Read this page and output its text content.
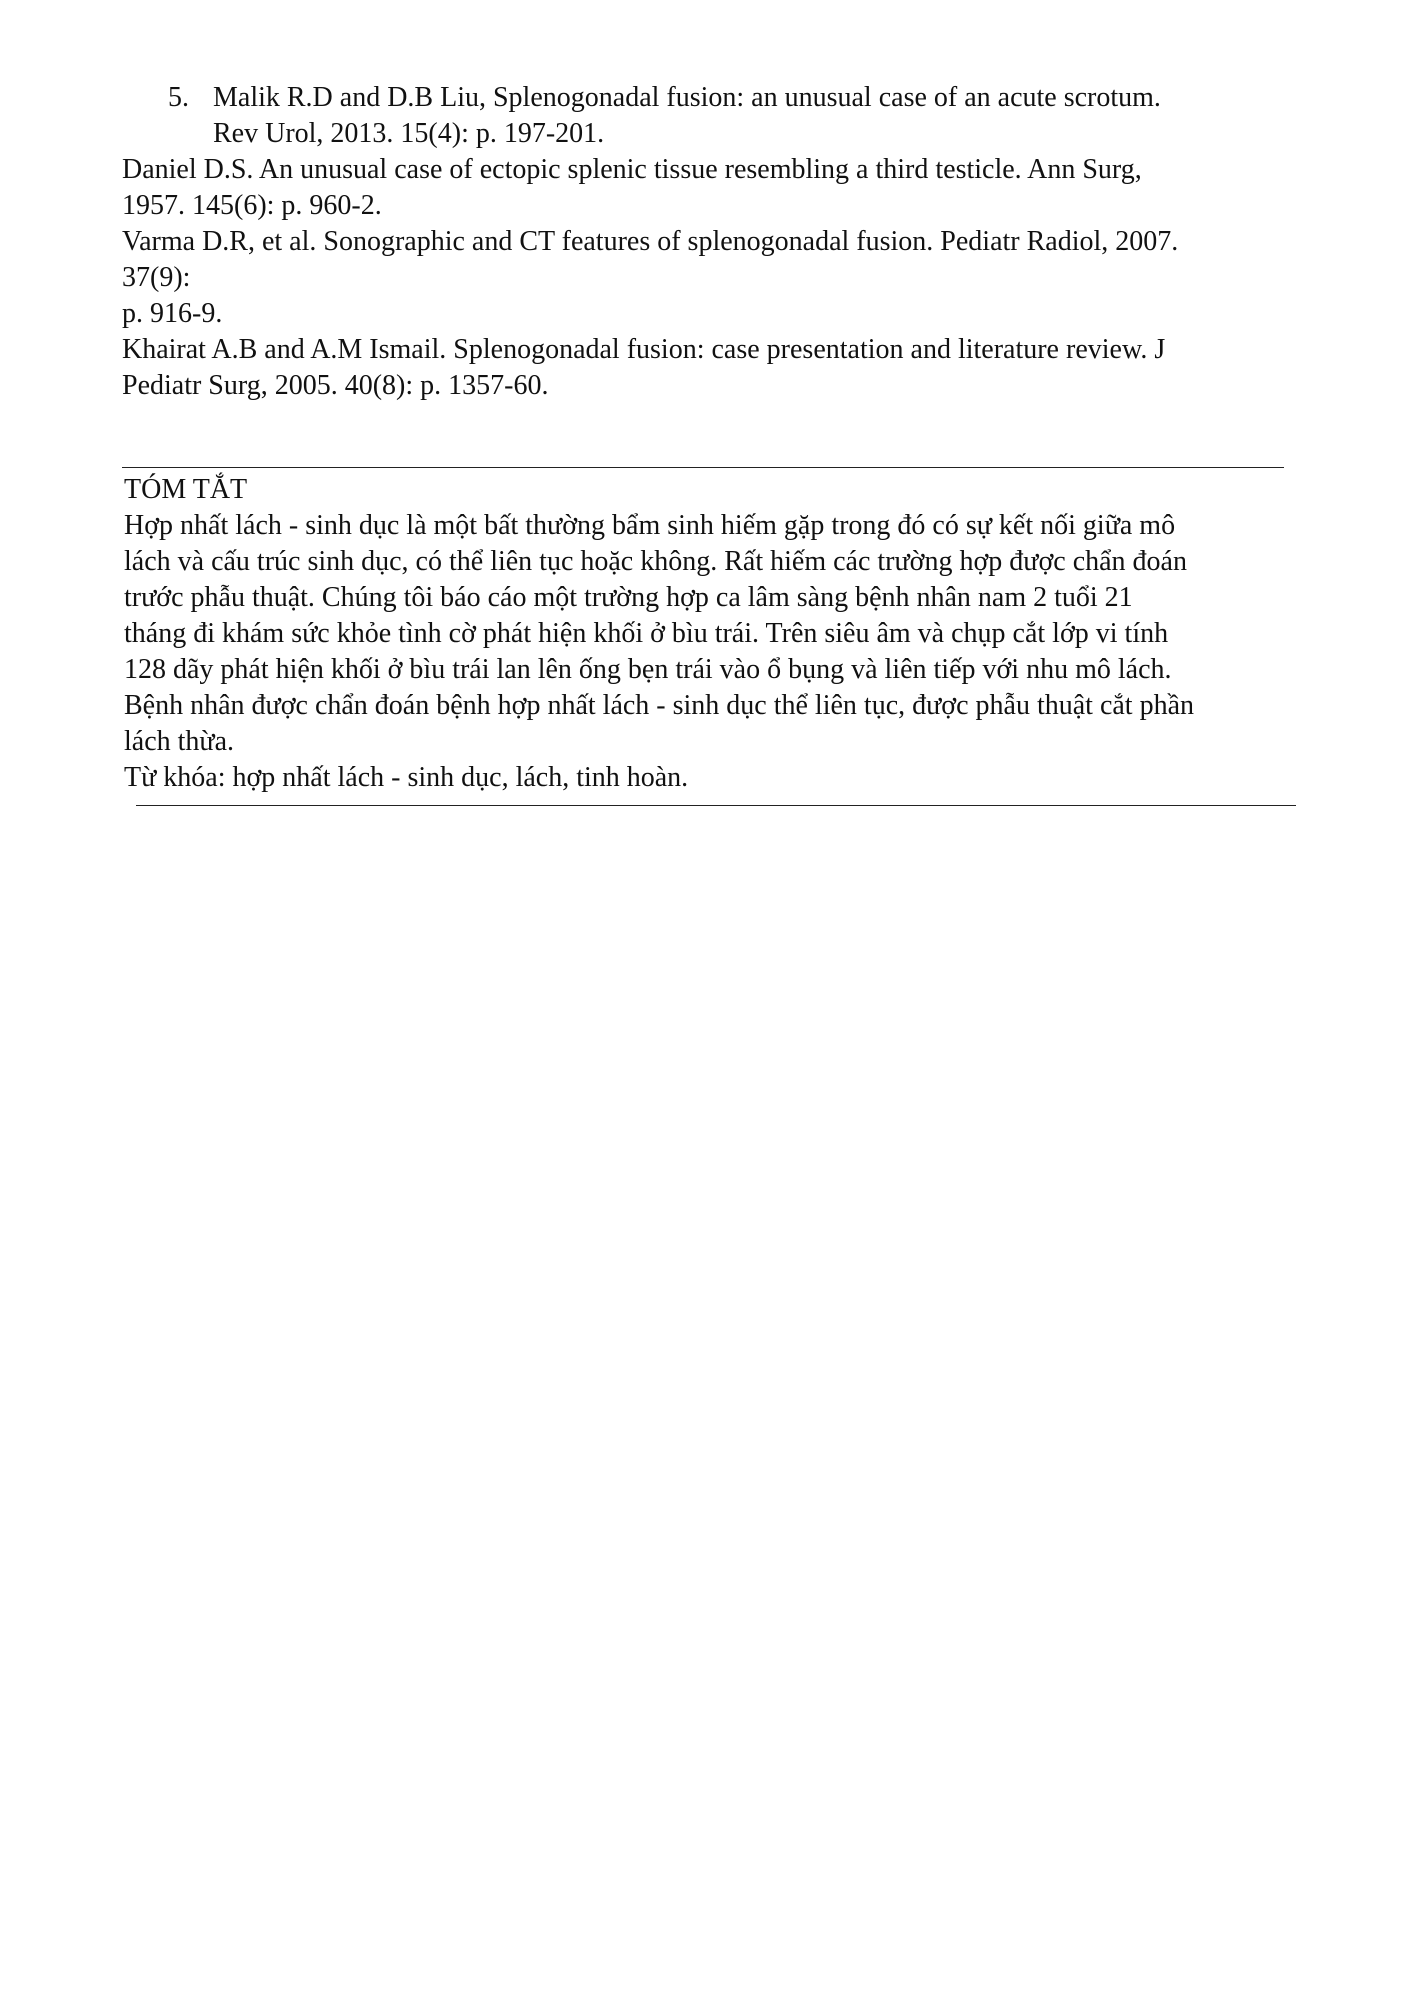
5. Malik R.D and D.B Liu, Splenogonadal fusion: an unusual case of an acute scrotum.
Rev Urol, 2013. 15(4): p. 197-201.
Daniel D.S. An unusual case of ectopic splenic tissue resembling a third testicle. Ann Surg,
1957. 145(6): p. 960-2.
Varma D.R, et al. Sonographic and CT features of splenogonadal fusion. Pediatr Radiol, 2007.
37(9):
p. 916-9.
Khairat A.B and A.M Ismail. Splenogonadal fusion: case presentation and literature review. J
Pediatr Surg, 2005. 40(8): p. 1357-60.
TÓM TẮT
Hợp nhất lách - sinh dục là một bất thường bẩm sinh hiếm gặp trong đó có sự kết nối giữa mô
lách và cấu trúc sinh dục, có thể liên tục hoặc không. Rất hiếm các trường hợp được chẩn đoán
trước phẫu thuật. Chúng tôi báo cáo một trường hợp ca lâm sàng bệnh nhân nam 2 tuổi 21
tháng đi khám sức khỏe tình cờ phát hiện khối ở bìu trái. Trên siêu âm và chụp cắt lớp vi tính
128 dãy phát hiện khối ở bìu trái lan lên ống bẹn trái vào ổ bụng và liên tiếp với nhu mô lách.
Bệnh nhân được chẩn đoán bệnh hợp nhất lách - sinh dục thể liên tục, được phẫu thuật cắt phần
lách thừa.
Từ khóa: hợp nhất lách - sinh dục, lách, tinh hoàn.
